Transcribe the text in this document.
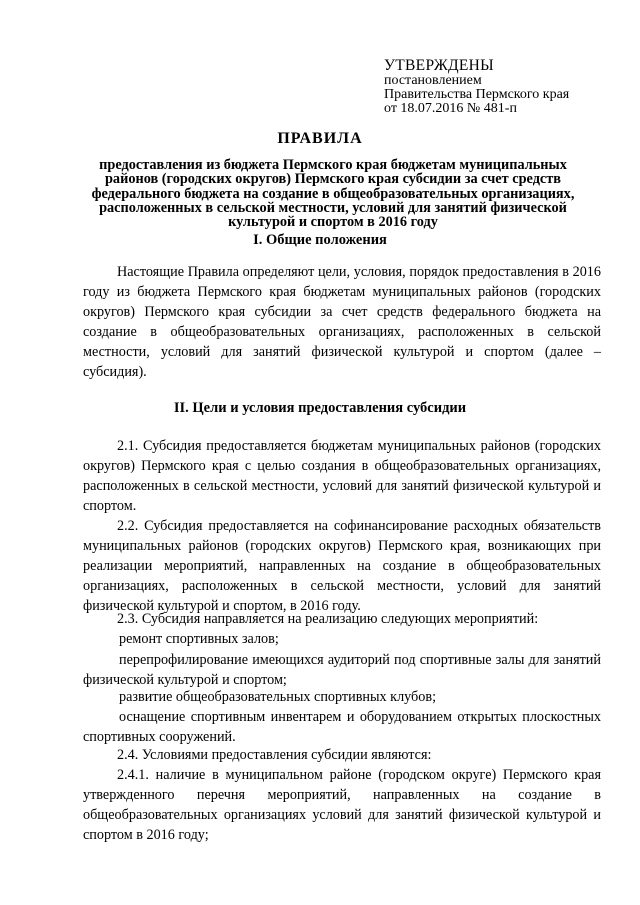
УТВЕРЖДЕНЫ
постановлением
Правительства Пермского края
от 18.07.2016 № 481-п
ПРАВИЛА
предоставления из бюджета Пермского края бюджетам муниципальных районов (городских округов) Пермского края субсидии за счет средств федерального бюджета на создание в общеобразовательных организациях, расположенных в сельской местности, условий для занятий физической культурой и спортом в 2016 году
I. Общие положения
Настоящие Правила определяют цели, условия, порядок предоставления в 2016 году из бюджета Пермского края бюджетам муниципальных районов (городских округов) Пермского края субсидии за счет средств федерального бюджета на создание в общеобразовательных организациях, расположенных в сельской местности, условий для занятий физической культурой и спортом (далее – субсидия).
II. Цели и условия предоставления субсидии
2.1. Субсидия предоставляется бюджетам муниципальных районов (городских округов) Пермского края с целью создания в общеобразовательных организациях, расположенных в сельской местности, условий для занятий физической культурой и спортом.
2.2. Субсидия предоставляется на софинансирование расходных обязательств муниципальных районов (городских округов) Пермского края, возникающих при реализации мероприятий, направленных на создание в общеобразовательных организациях, расположенных в сельской местности, условий для занятий физической культурой и спортом, в 2016 году.
2.3. Субсидия направляется на реализацию следующих мероприятий:
ремонт спортивных залов;
перепрофилирование имеющихся аудиторий под спортивные залы для занятий физической культурой и спортом;
развитие общеобразовательных спортивных клубов;
оснащение спортивным инвентарем и оборудованием открытых плоскостных спортивных сооружений.
2.4. Условиями предоставления субсидии являются:
2.4.1. наличие в муниципальном районе (городском округе) Пермского края утвержденного перечня мероприятий, направленных на создание в общеобразовательных организациях условий для занятий физической культурой и спортом в 2016 году;
